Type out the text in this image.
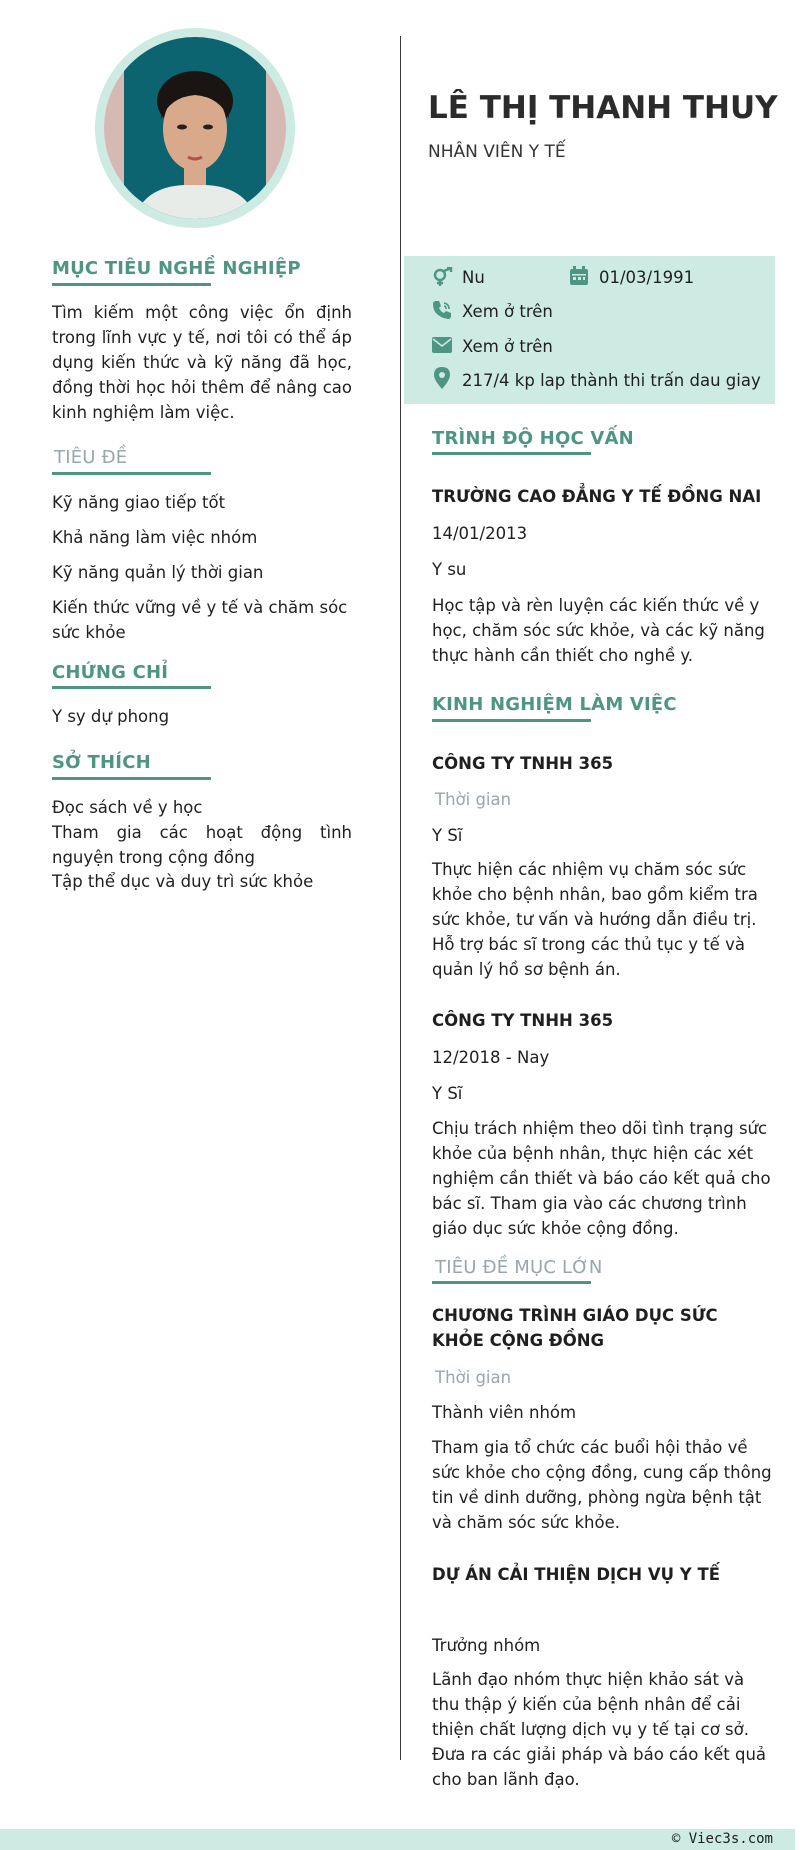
MỤC TIÊU NGHỀ NGHIỆP
Tìm kiếm một công việc ổn định trong lĩnh vực y tế, nơi tôi có thể áp dụng kiến thức và kỹ năng đã học, đồng thời học hỏi thêm để nâng cao kinh nghiệm làm việc.
TIÊU ĐỀ
Kỹ năng giao tiếp tốt
Khả năng làm việc nhóm
Kỹ năng quản lý thời gian
Kiến thức vững về y tế và chăm sóc sức khỏe
CHỨNG CHỈ
Y sy dự phong
SỞ THÍCH
Đọc sách về y học
Tham gia các hoạt động tình nguyện trong cộng đồng
Tập thể dục và duy trì sức khỏe
LÊ THỊ THANH THUY
NHÂN VIÊN Y TẾ
Nu	01/03/1991
Xem ở trên
Xem ở trên
217/4 kp lap thành thi trấn dau giay
TRÌNH ĐỘ HỌC VẤN
TRƯỜNG CAO ĐẲNG Y TẾ ĐỒNG NAI
14/01/2013
Y su
Học tập và rèn luyện các kiến thức về y học, chăm sóc sức khỏe, và các kỹ năng thực hành cần thiết cho nghề y.
KINH NGHIỆM LÀM VIỆC
CÔNG TY TNHH 365
Thời gian
Y Sĩ
Thực hiện các nhiệm vụ chăm sóc sức khỏe cho bệnh nhân, bao gồm kiểm tra sức khỏe, tư vấn và hướng dẫn điều trị. Hỗ trợ bác sĩ trong các thủ tục y tế và quản lý hồ sơ bệnh án.
CÔNG TY TNHH 365
12/2018 - Nay
Y Sĩ
Chịu trách nhiệm theo dõi tình trạng sức khỏe của bệnh nhân, thực hiện các xét nghiệm cần thiết và báo cáo kết quả cho bác sĩ. Tham gia vào các chương trình giáo dục sức khỏe cộng đồng.
TIÊU ĐỀ MỤC LỚN
CHƯƠNG TRÌNH GIÁO DỤC SỨC KHỎE CỘNG ĐỒNG
Thời gian
Thành viên nhóm
Tham gia tổ chức các buổi hội thảo về sức khỏe cho cộng đồng, cung cấp thông tin về dinh dưỡng, phòng ngừa bệnh tật và chăm sóc sức khỏe.
DỰ ÁN CẢI THIỆN DỊCH VỤ Y TẾ
Trưởng nhóm
Lãnh đạo nhóm thực hiện khảo sát và thu thập ý kiến của bệnh nhân để cải thiện chất lượng dịch vụ y tế tại cơ sở. Đưa ra các giải pháp và báo cáo kết quả cho ban lãnh đạo.
© Viec3s.com
